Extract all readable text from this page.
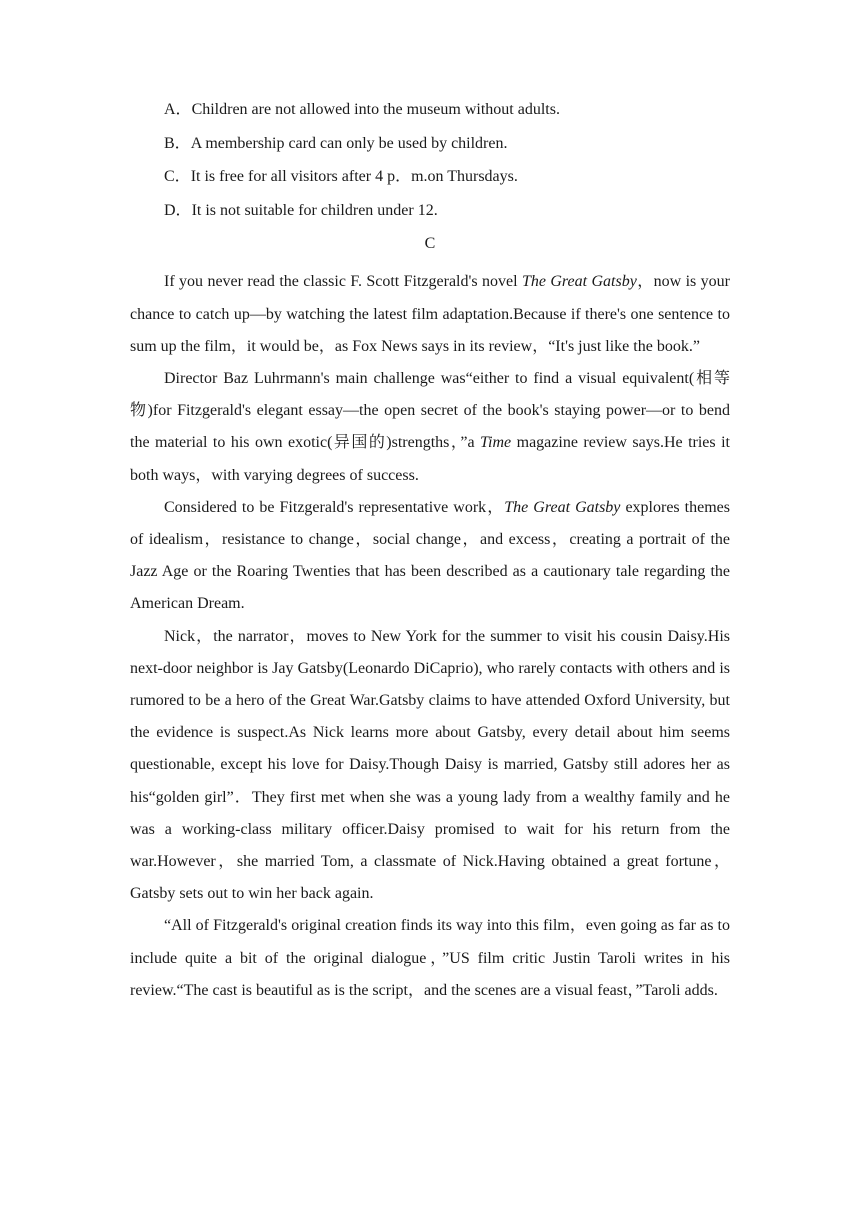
A．Children are not allowed into the museum without adults.
B．A membership card can only be used by children.
C．It is free for all visitors after 4 p．m.on Thursdays.
D．It is not suitable for children under 12.
C

If you never read the classic F. Scott Fitzgerald's novel The Great Gatsby，now is your chance to catch up—by watching the latest film adaptation.Because if there's one sentence to sum up the film，it would be，as Fox News says in its review，“It's just like the book.”

Director Baz Luhrmann's main challenge was“either to find a visual equivalent(相等物)for Fitzgerald's elegant essay—the open secret of the book's staying power—or to bend the material to his own exotic(异国的)strengths，”a Time magazine review says.He tries it both ways，with varying degrees of success.

Considered to be Fitzgerald's representative work，The Great Gatsby explores themes of idealism，resistance to change，social change，and excess，creating a portrait of the Jazz Age or the Roaring Twenties that has been described as a cautionary tale regarding the American Dream.

Nick，the narrator，moves to New York for the summer to visit his cousin Daisy.His next-door neighbor is Jay Gatsby(Leonardo DiCaprio), who rarely contacts with others and is rumored to be a hero of the Great War.Gatsby claims to have attended Oxford University, but the evidence is suspect.As Nick learns more about Gatsby, every detail about him seems questionable, except his love for Daisy.Though Daisy is married, Gatsby still adores her as his“golden girl”．They first met when she was a young lady from a wealthy family and he was a working-class military officer.Daisy promised to wait for his return from the war.However，she married Tom, a classmate of Nick.Having obtained a great fortune，Gatsby sets out to win her back again.

“All of Fitzgerald's original creation finds its way into this film，even going as far as to include quite a bit of the original dialogue，”US film critic Justin Taroli writes in his review.“The cast is beautiful as is the script，and the scenes are a visual feast，”Taroli adds.
